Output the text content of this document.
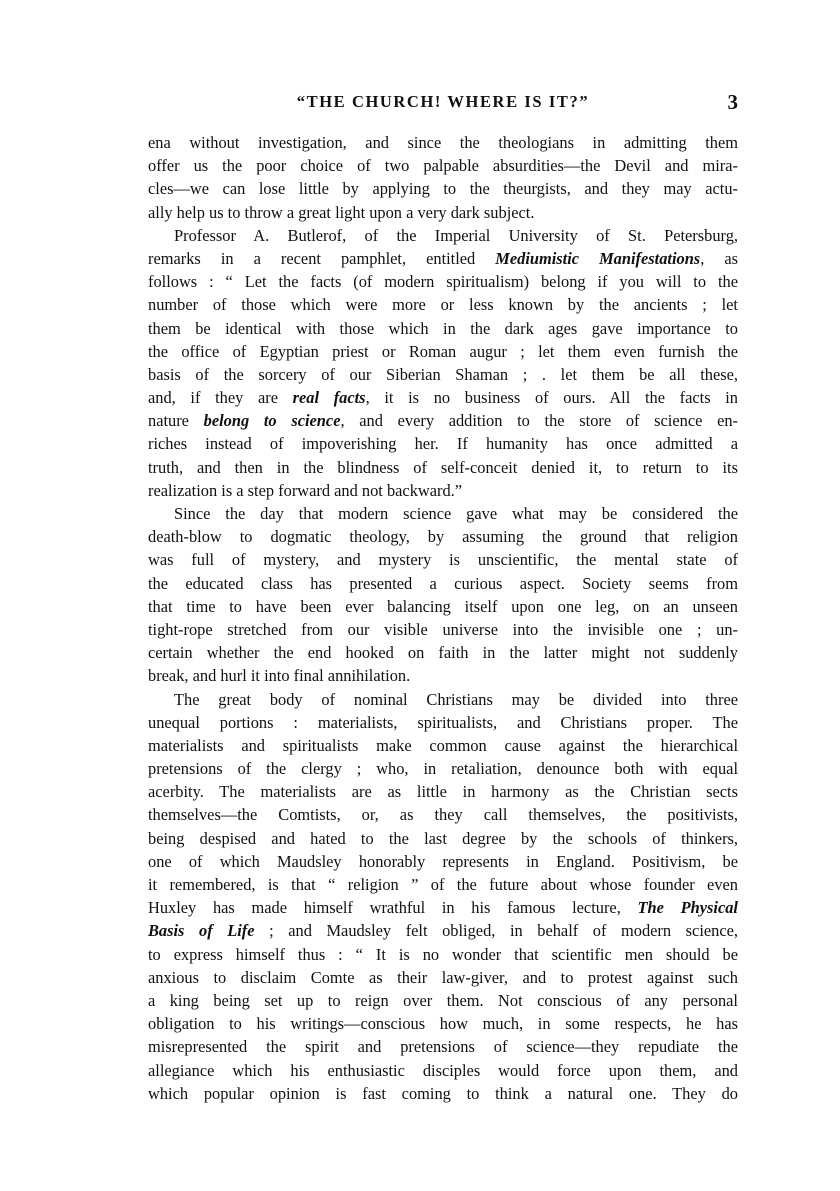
“THE CHURCH! WHERE IS IT?”	3
ena without investigation, and since the theologians in admitting them
offer us the poor choice of two palpable absurdities—the Devil and mira-
cles—we can lose little by applying to the theurgists, and they may actu-
ally help us to throw a great light upon a very dark subject.
Professor A. Butlerof, of the Imperial University of St. Petersburg,
remarks in a recent pamphlet, entitled Mediumistic Manifestations, as
follows : “ Let the facts (of modern spiritualism) belong if you will to the
number of those which were more or less known by the ancients ; let
them be identical with those which in the dark ages gave importance to
the office of Egyptian priest or Roman augur ; let them even furnish the
basis of the sorcery of our Siberian Shaman ; . let them be all these,
and, if they are real facts, it is no business of ours. All the facts in
nature belong to science, and every addition to the store of science en-
riches instead of impoverishing her. If humanity has once admitted a
truth, and then in the blindness of self-conceit denied it, to return to its
realization is a step forward and not backward.”
Since the day that modern science gave what may be considered the
death-blow to dogmatic theology, by assuming the ground that religion
was full of mystery, and mystery is unscientific, the mental state of
the educated class has presented a curious aspect. Society seems from
that time to have been ever balancing itself upon one leg, on an unseen
tight-rope stretched from our visible universe into the invisible one ; un-
certain whether the end hooked on faith in the latter might not suddenly
break, and hurl it into final annihilation.
The great body of nominal Christians may be divided into three
unequal portions : materialists, spiritualists, and Christians proper. The
materialists and spiritualists make common cause against the hierarchical
pretensions of the clergy ; who, in retaliation, denounce both with equal
acerbity. The materialists are as little in harmony as the Christian sects
themselves—the Comtists, or, as they call themselves, the positivists,
being despised and hated to the last degree by the schools of thinkers,
one of which Maudsley honorably represents in England. Positivism, be
it remembered, is that “ religion ” of the future about whose founder even
Huxley has made himself wrathful in his famous lecture, The Physical
Basis of Life ; and Maudsley felt obliged, in behalf of modern science,
to express himself thus : “ It is no wonder that scientific men should be
anxious to disclaim Comte as their law-giver, and to protest against such
a king being set up to reign over them. Not conscious of any personal
obligation to his writings—conscious how much, in some respects, he has
misrepresented the spirit and pretensions of science—they repudiate the
allegiance which his enthusiastic disciples would force upon them, and
which popular opinion is fast coming to think a natural one. They do
